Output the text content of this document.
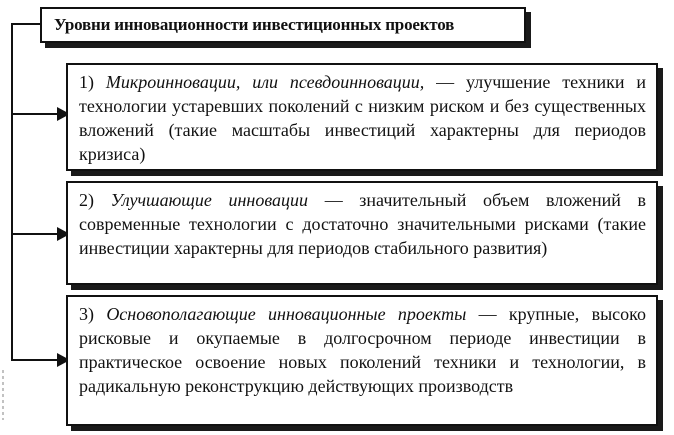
Уровни инновационности инвестиционных проектов
1) Микроинновации, или псевдоинновации, — улучшение техники и технологии устаревших поколений с низким риском и без существенных вложений (такие масштабы инвестиций характерны для периодов кризиса)
2) Улучшающие инновации — значительный объем вложений в современные технологии с достаточно значительными рисками (такие инвестиции характерны для периодов стабильного развития)
3) Основополагающие инновационные проекты — крупные, высоко рисковые и окупаемые в долгосрочном периоде инвестиции в практическое освоение новых поколений техники и технологии, в радикальную реконструкцию действующих производств
